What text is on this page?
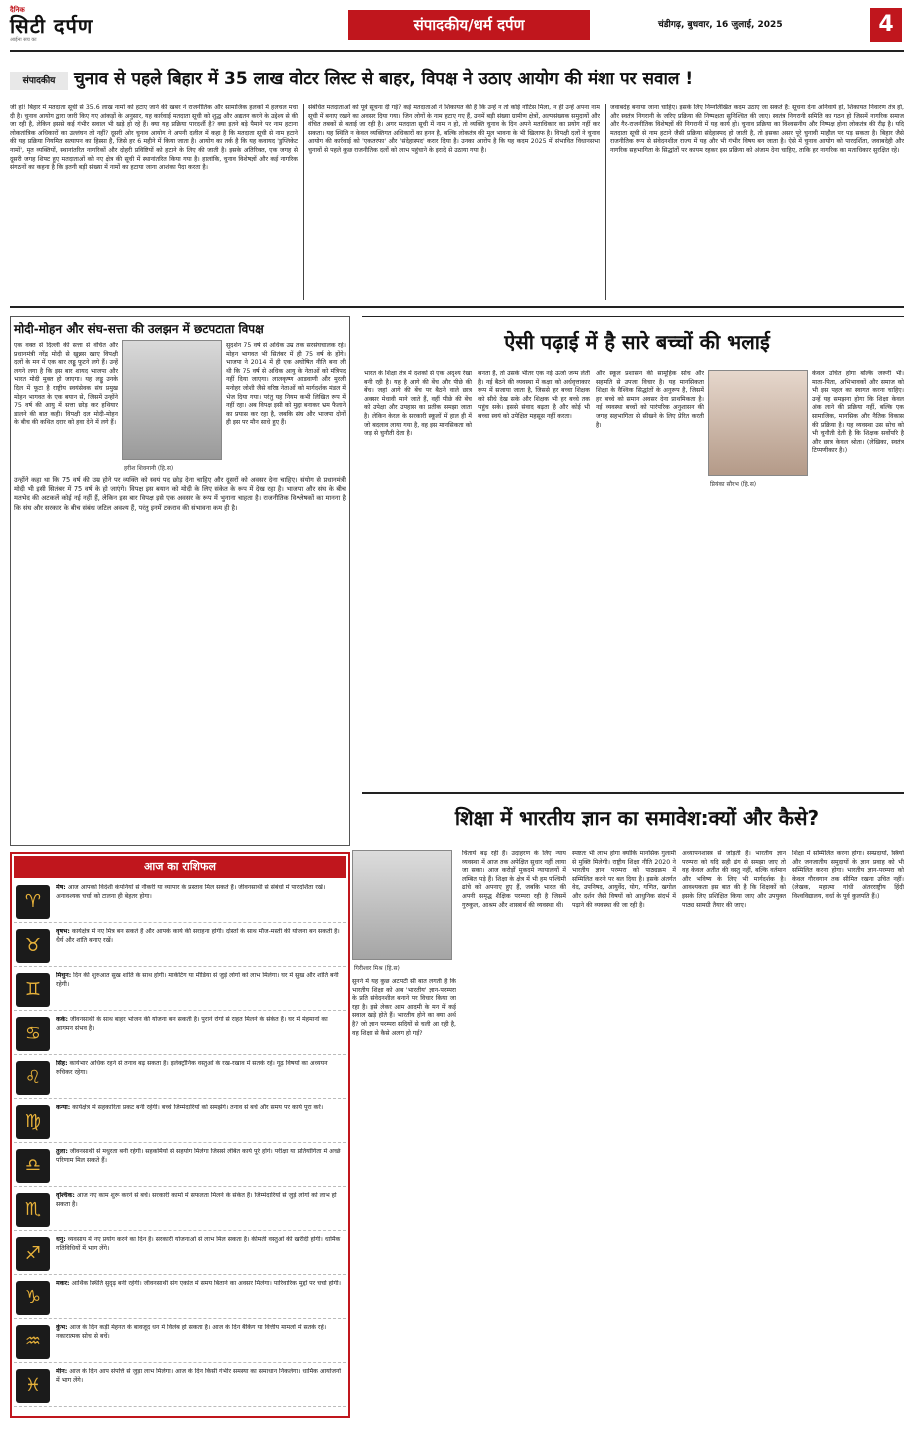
दैनिक
सिटी दर्पण
आईना सच का
संपादकीय/धर्म दर्पण	चंडीगढ़, बुधवार, 16 जुलाई, 2025	4
संपादकीय	चुनाव से पहले बिहार में 35 लाख वोटर लिस्ट से बाहर, विपक्ष ने उठाए आयोग की मंशा पर सवाल !
जी हां! बिहार में मतदाता सूची से 35.6 लाख नामों को हटाए जाने की खबर ने राजनीतिक और सामाजिक हलकों में हलचल मचा दी है। चुनाव आयोग द्वारा जारी किए गए आंकड़ों के अनुसार, यह कार्रवाई मतदाता सूची को शुद्ध और अद्यतन करने के उद्देश्य से की जा रही है, लेकिन इससे कई गंभीर सवाल भी खड़े हो रहे हैं। क्या यह प्रक्रिया पारदर्शी है? क्या इतने बड़े पैमाने पर नाम हटाना लोकतांत्रिक अधिकारों का उल्लंघन तो नहीं? दूसरी ओर चुनाव आयोग ने अपनी दलील में कहा है कि मतदाता सूची से नाम हटाने की यह प्रक्रिया नियमित सत्यापन का हिस्सा है, जिसे हर 6 महीने में किया जाता है। आयोग का तर्क है कि यह कवायद 'डुप्लिकेट नामों', मृत व्यक्तियों, स्थानांतरित नागरिकों और दोहरी प्रविष्टियों को हटाने के लिए की जाती है। इसके अतिरिक्त, एक जगह से दूसरी जगह शिफ्ट हुए मतदाताओं को नए क्षेत्र की सूची में स्थानांतरित किया गया है। हालांकि, चुनाव विशेषज्ञों और कई नागरिक संगठनों का कहना है कि इतनी बड़ी संख्या में नामों का हटाया जाना आशंका पैदा करता है।
संबंधित मतदाताओं को पूर्व सूचना दी गई? कई मतदाताओं ने शिकायत की है कि उन्हें न तो कोई नोटिस मिला, न ही उन्हें अपना नाम सूची में बनाए रखने का अवसर दिया गया। जिन लोगों के नाम हटाए गए हैं, उनमें बड़ी संख्या ग्रामीण क्षेत्रों, अल्पसंख्यक समुदायों और वंचित तबकों से बताई जा रही है। अगर मतदाता सूची में नाम न हो, तो व्यक्ति चुनाव के दिन अपने मताधिकार का प्रयोग नहीं कर सकता। यह स्थिति न केवल व्यक्तिगत अधिकारों का हनन है, बल्कि लोकतंत्र की मूल भावना के भी खिलाफ है। विपक्षी दलों ने चुनाव आयोग की कार्रवाई को 'एकतरफा' और 'संदेहास्पद' करार दिया है। उनका आरोप है कि यह कदम 2025 में संभावित विधानसभा चुनावों से पहले कुछ राजनीतिक दलों को लाभ पहुंचाने के इरादे से उठाया गया है।
जवाबदेह बनाया जाना चाहिए। इसके लिए निम्नलिखित कदम उठाए जा सकते हैं: सूचना देना अनिवार्य हो, शिकायत निवारण तंत्र हो, और स्वतंत्र निगरानी के जरिए प्रक्रिया की निष्पक्षता सुनिश्चित की जाए। स्वतंत्र निगरानी समिति का गठन हो जिसमें नागरिक समाज और गैर-राजनीतिक विशेषज्ञों की निगरानी में यह कार्य हो। चुनाव प्रक्रिया का विश्वसनीय और निष्पक्ष होना लोकतंत्र की रीढ़ है। यदि मतदाता सूची से नाम हटाने जैसी प्रक्रिया संदेहास्पद हो जाती है, तो इसका असर पूरे चुनावी माहौल पर पड़ सकता है। बिहार जैसे राजनीतिक रूप से संवेदनशील राज्य में यह और भी गंभीर विषय बन जाता है। ऐसे में चुनाव आयोग को पारदर्शिता, जवाबदेही और नागरिक सहभागिता के सिद्धांतों पर कायम रहकर इस प्रक्रिया को अंजाम देना चाहिए, ताकि हर नागरिक का मताधिकार सुरक्षित रहे।
मोदी-मोहन और संघ-सत्ता की उलझन में छटपटाता विपक्ष
एक वक्त से दिल्ली की सत्ता से वंचित और प्रधानमंत्री नरेंद्र मोदी से खुन्नस खाए विपक्षी दलों के मन में एक बार लड्डू फूटने लगे हैं। उन्हें लगने लगा है कि इस बार शायद भाजपा और भारत मोदी मुक्त हो जाएगा। यह लड्डू उनके दिल में फूटा है राष्ट्रीय स्वयंसेवक संघ प्रमुख मोहन भागवत के एक बयान से, जिसमें उन्होंने 75 वर्ष की आयु में सत्ता छोड़ कर हथियार डालने की बात कही। विपक्षी दल मोदी-मोहन के बीच की कथित दरार को हवा देने में लगे हैं।
हरीश शिवनानी (हि.स)
सुदर्शन 75 वर्ष से अधिक उम्र तक सरसंघचालक रहे। मोहन भागवत भी सितंबर में ही 75 वर्ष के होंगे। भाजपा ने 2014 में ही एक अघोषित नीति बना ली थी कि 75 वर्ष से अधिक आयु के नेताओं को मंत्रिपद नहीं दिया जाएगा। लालकृष्ण आडवाणी और मुरली मनोहर जोशी जैसे वरिष्ठ नेताओं को मार्गदर्शक मंडल में भेज दिया गया। परंतु यह नियम कभी लिखित रूप में नहीं रहा। अब विपक्ष इसी को मुद्दा बनाकर भ्रम फैलाने का प्रयास कर रहा है, जबकि संघ और भाजपा दोनों ही इस पर मौन साधे हुए हैं।
उन्होंने कहा था कि 75 वर्ष की उम्र होने पर व्यक्ति को स्वयं पद छोड़ देना चाहिए और दूसरों को अवसर देना चाहिए। संयोग से प्रधानमंत्री मोदी भी इसी सितंबर में 75 वर्ष के हो जाएंगे। विपक्ष इस बयान को मोदी के लिए संकेत के रूप में देख रहा है। भाजपा और संघ के बीच मतभेद की अटकलें कोई नई नहीं हैं, लेकिन इस बार विपक्ष इसे एक अवसर के रूप में भुनाना चाहता है। राजनीतिक विश्लेषकों का मानना है कि संघ और सरकार के बीच संबंध जटिल अवश्य हैं, परंतु इनमें टकराव की संभावना कम ही है।
ऐसी पढ़ाई में है सारे बच्चों की भलाई
भारत के शिक्षा तंत्र में दशकों से एक अदृश्य रेखा बनी रही है। यह है आगे की बेंच और पीछे की बेंच। जहां आगे की बेंच पर बैठने वाले छात्र अक्सर मेधावी माने जाते हैं, वहीं पीछे की बेंच को उपेक्षा और उपहास का प्रतीक समझा जाता है। लेकिन केरल के सरकारी स्कूलों में हाल ही में जो बदलाव लाया गया है, वह इस मानसिकता को जड़ से चुनौती देता है।
बनता है, तो उसके भीतर एक नई ऊर्जा जन्म लेती है। नई बैठने की व्यवस्था में कक्षा को अर्धवृत्ताकार रूप में सजाया जाता है, जिससे हर बच्चा शिक्षक को सीधे देख सके और शिक्षक भी हर बच्चे तक पहुंच सके। इससे संवाद बढ़ता है और कोई भी बच्चा स्वयं को उपेक्षित महसूस नहीं करता।
और स्कूल प्रशासन की सामूहिक सोच और सहमति से उपजा विचार है। यह मानसिकता शिक्षा के वैश्विक सिद्धांतों के अनुरूप है, जिसमें हर बच्चे को समान अवसर देना प्राथमिकता है। नई व्यवस्था बच्चों को पारंपरिक अनुशासन की जगह सहभागिता से सीखने के लिए प्रेरित करती है।
प्रियंका सौरभ (हि.स)
केवल उचित होगा बल्कि जरूरी भी। माता-पिता, अभिभावकों और समाज को भी इस पहल का स्वागत करना चाहिए। उन्हें यह समझना होगा कि शिक्षा केवल अंक लाने की प्रक्रिया नहीं, बल्कि एक सामाजिक, मानसिक और नैतिक विकास की प्रक्रिया है। यह व्यवस्था उस सोच को भी चुनौती देती है कि शिक्षक सर्वोपरि है और छात्र केवल श्रोता। (लेखिका, स्वतंत्र टिप्पणीकार है।)
शिक्षा में भारतीय ज्ञान का समावेश:क्यों और कैसे?
गिरीश्वर मिश्र (हि.स)
सुनने में यह कुछ अटपटी सी बात लगती है कि भारतीय शिक्षा को अब 'भारतीय' ज्ञान-परम्परा के प्रति संवेदनशील बनाने पर विचार किया जा रहा है। इसे लेकर आम आदमी के मन में कई सवाल खड़े होते हैं। भारतीय होने का क्या अर्थ है? जो ज्ञान परम्परा सदियों से चली आ रही है, वह शिक्षा से कैसे अलग हो गई?
चिंतायें बढ़ रही हैं। उदाहरण के लिए न्याय व्यवस्था में आज तक अपेक्षित सुधार नहीं लाया जा सका। आज करोड़ों मुकदमे न्यायालयों में लम्बित पड़े हैं। शिक्षा के क्षेत्र में भी हम पश्चिमी ढांचे को अपनाए हुए हैं, जबकि भारत की अपनी समृद्ध शैक्षिक परम्परा रही है जिसमें गुरुकुल, आश्रम और शास्त्रार्थ की व्यवस्था थी।
स्पष्टतः भी लाभ होगा क्योंकि मानसिक गुलामी से मुक्ति मिलेगी। राष्ट्रीय शिक्षा नीति 2020 ने भारतीय ज्ञान परम्परा को पाठ्यक्रम में सम्मिलित करने पर बल दिया है। इसके अंतर्गत वेद, उपनिषद, आयुर्वेद, योग, गणित, खगोल और दर्शन जैसे विषयों को आधुनिक संदर्भ में पढ़ाने की व्यवस्था की जा रही है।
अध्यापनशास्त्र से जोड़ती है। भारतीय ज्ञान परम्परा को यदि सही ढंग से समझा जाए तो वह केवल अतीत की वस्तु नहीं, बल्कि वर्तमान और भविष्य के लिए भी मार्गदर्शक है। आवश्यकता इस बात की है कि शिक्षकों को इसके लिए प्रशिक्षित किया जाए और उपयुक्त पाठ्य सामग्री तैयार की जाए।
शिक्षा में सम्मिलित करना होगा। सम्प्रदायों, स्त्रियों और जनजातीय समुदायों के ज्ञान प्रवाह को भी सम्मिलित करना होगा। भारतीय ज्ञान-परम्परा को केवल गौरवगान तक सीमित रखना उचित नहीं। (लेखक, महात्मा गांधी अंतरराष्ट्रीय हिंदी विश्वविद्यालय, वर्धा के पूर्व कुलपति हैं।)
आज का राशिफल
♈
मेष: आज आपको विदेशी कंपनियों से नौकरी या व्यापार के प्रस्ताव मिल सकते हैं। जीवनसाथी से संबंधों में पारदर्शिता रखें। अनावश्यक चर्चा को टालना ही बेहतर होगा।
♉
वृषभ: कार्यक्षेत्र में नए मित्र बन सकते हैं और आपके कार्य की सराहना होगी। दोस्तों के साथ मौज-मस्ती की योजना बन सकती है। धैर्य और शांति बनाए रखें।
♊
मिथुन: दिन की शुरुआत सुख शांति के साथ होगी। मार्केटिंग या मीडिया से जुड़े लोगों को लाभ मिलेगा। घर में सुख और शांति बनी रहेगी।
♋
कर्क: जीवनसाथी के साथ बाहर भोजन की योजना बन सकती है। पुराने रोगों से राहत मिलने के संकेत हैं। घर में मेहमानों का आगमन संभव है।
♌
सिंह: कार्यभार अधिक रहने से तनाव बढ़ सकता है। इलेक्ट्रॉनिक वस्तुओं के रख-रखाव में सतर्क रहें। गूढ़ विषयों का अध्ययन रुचिकर रहेगा।
♍
कन्या: कार्यक्षेत्र में सहकारिता प्रकट बनी रहेगी। बच्चे जिम्मेदारियों को समझेंगे। तनाव से बचें और समय पर कार्य पूरा करें।
♎
तुला: जीवनसाथी से मधुरता बनी रहेगी। सहकर्मियों से सहयोग मिलेगा जिससे लंबित कार्य पूरे होंगे। परीक्षा या प्रतियोगिता में अच्छे परिणाम मिल सकते हैं।
♏
वृश्चिक: आज नए काम शुरू करने से बचें। सरकारी कामों में सफलता मिलने के संकेत हैं। जिम्मेदारियों से जुड़े लोगों को लाभ हो सकता है।
♐
धनु: व्यवसाय में नए प्रयोग करने का दिन है। सरकारी योजनाओं से लाभ मिल सकता है। कीमती वस्तुओं की खरीदी होगी। धार्मिक गतिविधियों में भाग लेंगे।
♑
मकर: आर्थिक स्थिति सुदृढ़ बनी रहेगी। जीवनसाथी संग एकांत में समय बिताने का अवसर मिलेगा। पारिवारिक मुद्दों पर चर्चा होगी।
♒
कुंभ: आज के दिन कड़ी मेहनत के बावजूद धन में विलंब हो सकता है। आज के दिन बैंकिंग या वित्तीय मामलों में सतर्क रहें। नकारात्मक सोच से बचें।
♓
मीन: आज के दिन आप संपत्ति से जुड़ा लाभ मिलेगा। आज के दिन किसी गंभीर समस्या का समाधान निकलेगा। धार्मिक आयोजनों में भाग लेंगे।
